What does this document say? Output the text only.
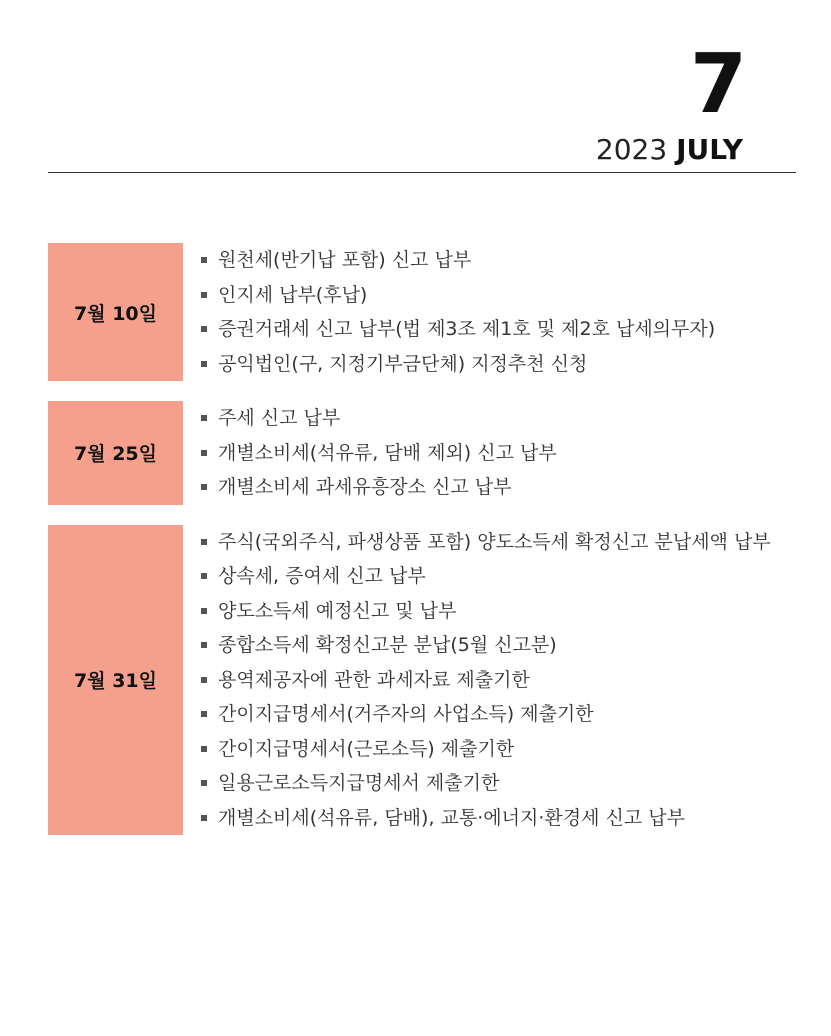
7
2023 JULY
7월 10일
원천세(반기납 포함) 신고 납부
인지세 납부(후납)
증권거래세 신고 납부(법 제3조 제1호 및 제2호 납세의무자)
공익법인(구, 지정기부금단체) 지정추천 신청
7월 25일
주세 신고 납부
개별소비세(석유류, 담배 제외) 신고 납부
개별소비세 과세유흥장소 신고 납부
7월 31일
주식(국외주식, 파생상품 포함) 양도소득세 확정신고 분납세액 납부
상속세, 증여세 신고 납부
양도소득세 예정신고 및 납부
종합소득세 확정신고분 분납(5월 신고분)
용역제공자에 관한 과세자료 제출기한
간이지급명세서(거주자의 사업소득) 제출기한
간이지급명세서(근로소득) 제출기한
일용근로소득지급명세서 제출기한
개별소비세(석유류, 담배), 교통·에너지·환경세 신고 납부
